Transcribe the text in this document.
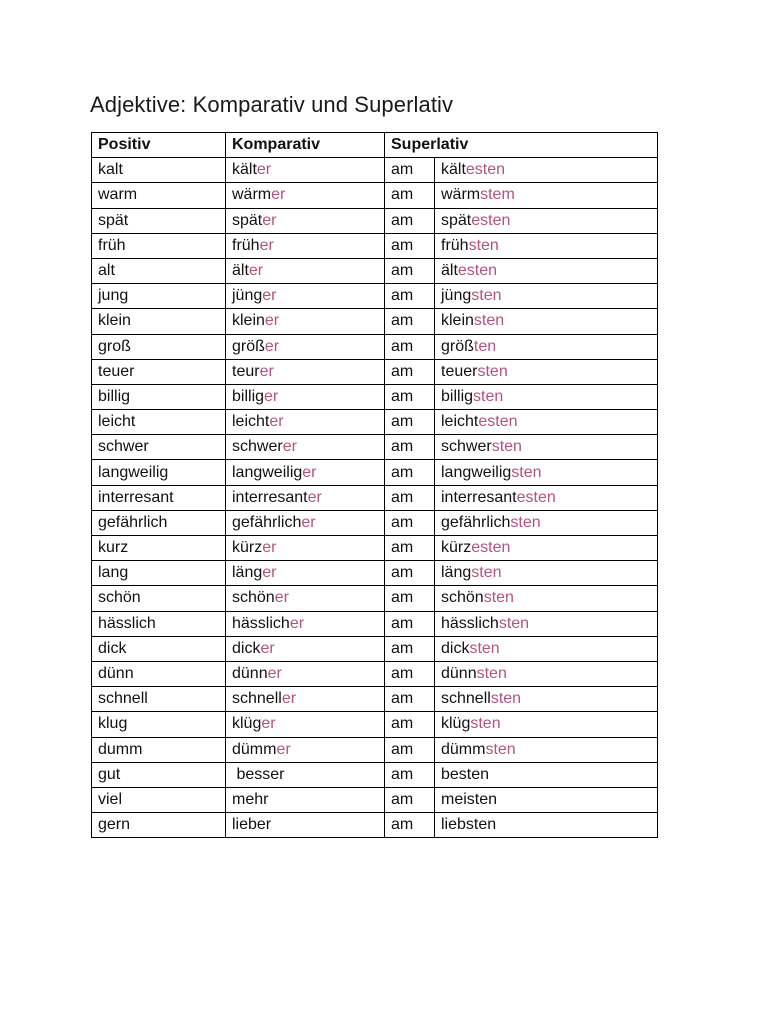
Adjektive: Komparativ und Superlativ
Positiv	Komparativ	Superlativ	
kalt	kälter	am	kältesten
warm	wärmer	am	wärmstem
spät	später	am	spätesten
früh	früher	am	frühsten
alt	älter	am	ältesten
jung	jünger	am	jüngsten
klein	kleiner	am	kleinsten
groß	größer	am	größten
teuer	teurer	am	teuersten
billig	billiger	am	billigsten
leicht	leichter	am	leichtesten
schwer	schwerer	am	schwersten
langweilig	langweiliger	am	langweiligsten
interresant	interresanter	am	interresantesten
gefährlich	gefährlicher	am	gefährlichsten
kurz	kürzer	am	kürzesten
lang	länger	am	längsten
schön	schöner	am	schönsten
hässlich	hässlicher	am	hässlichsten
dick	dicker	am	dicksten
dünn	dünner	am	dünnsten
schnell	schneller	am	schnellsten
klug	klüger	am	klügsten
dumm	dümmer	am	dümmsten
gut	besser	am	besten
viel	mehr	am	meisten
gern	lieber	am	liebsten
